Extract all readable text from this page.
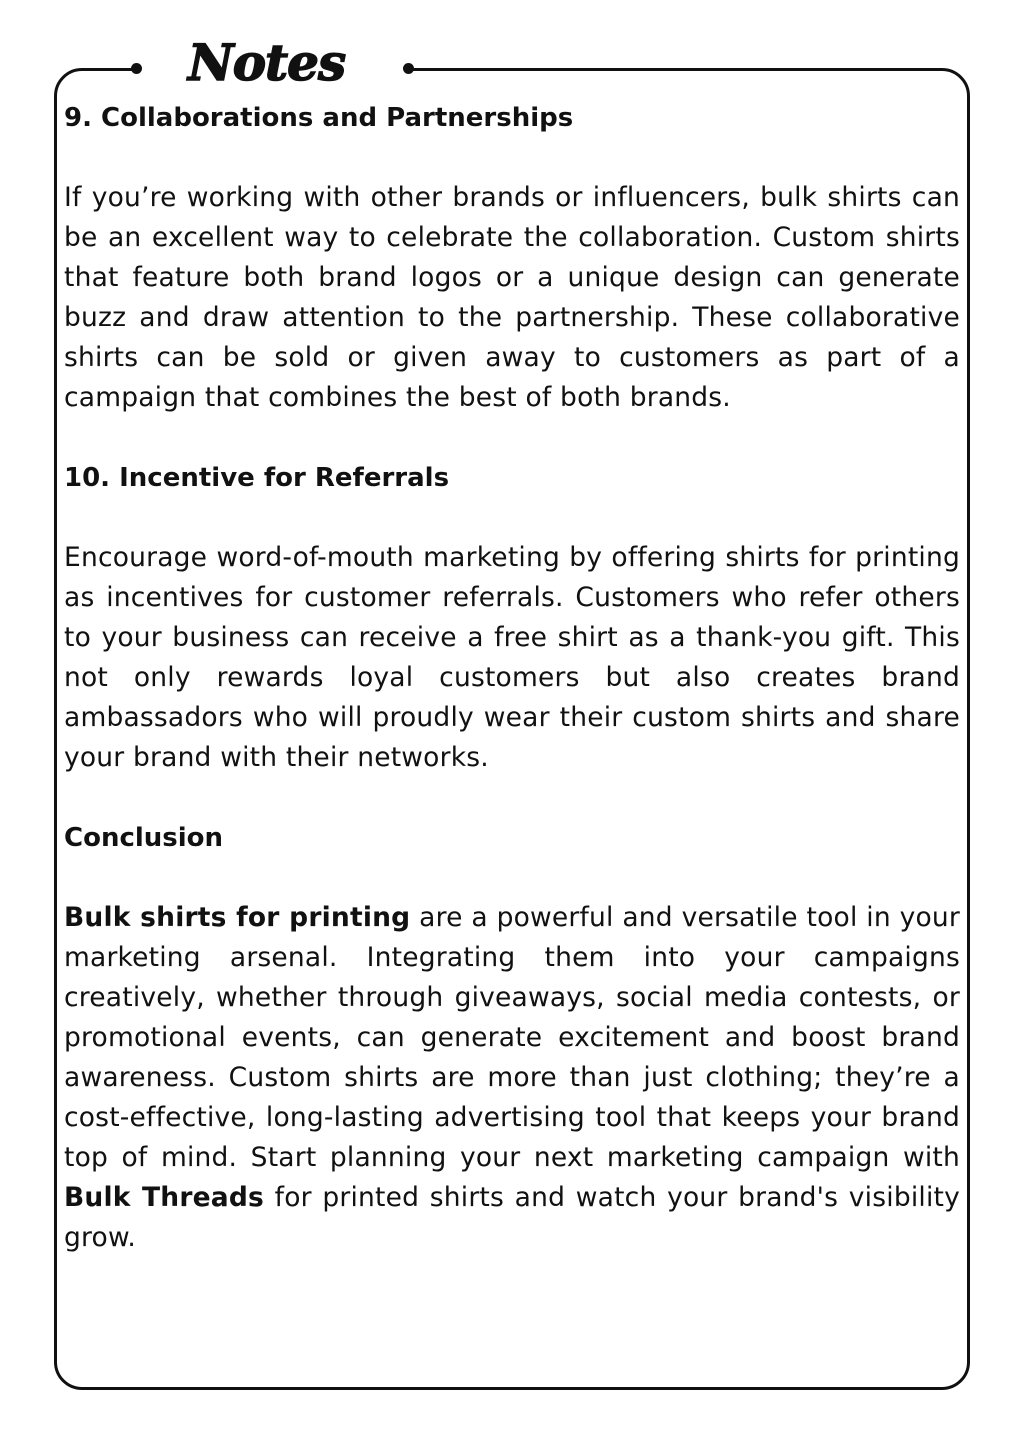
Notes
9. Collaborations and Partnerships

If you’re working with other brands or influencers, bulk shirts can be an excellent way to celebrate the collaboration. Custom shirts that feature both brand logos or a unique design can generate buzz and draw attention to the partnership. These collaborative shirts can be sold or given away to customers as part of a campaign that combines the best of both brands.

10. Incentive for Referrals

Encourage word-of-mouth marketing by offering shirts for printing as incentives for customer referrals. Customers who refer others to your business can receive a free shirt as a thank-you gift. This not only rewards loyal customers but also creates brand ambassadors who will proudly wear their custom shirts and share your brand with their networks.

Conclusion

Bulk shirts for printing are a powerful and versatile tool in your marketing arsenal. Integrating them into your campaigns creatively, whether through giveaways, social media contests, or promotional events, can generate excitement and boost brand awareness. Custom shirts are more than just clothing; they’re a cost-effective, long-lasting advertising tool that keeps your brand top of mind. Start planning your next marketing campaign with Bulk Threads for printed shirts and watch your brand's visibility grow.
